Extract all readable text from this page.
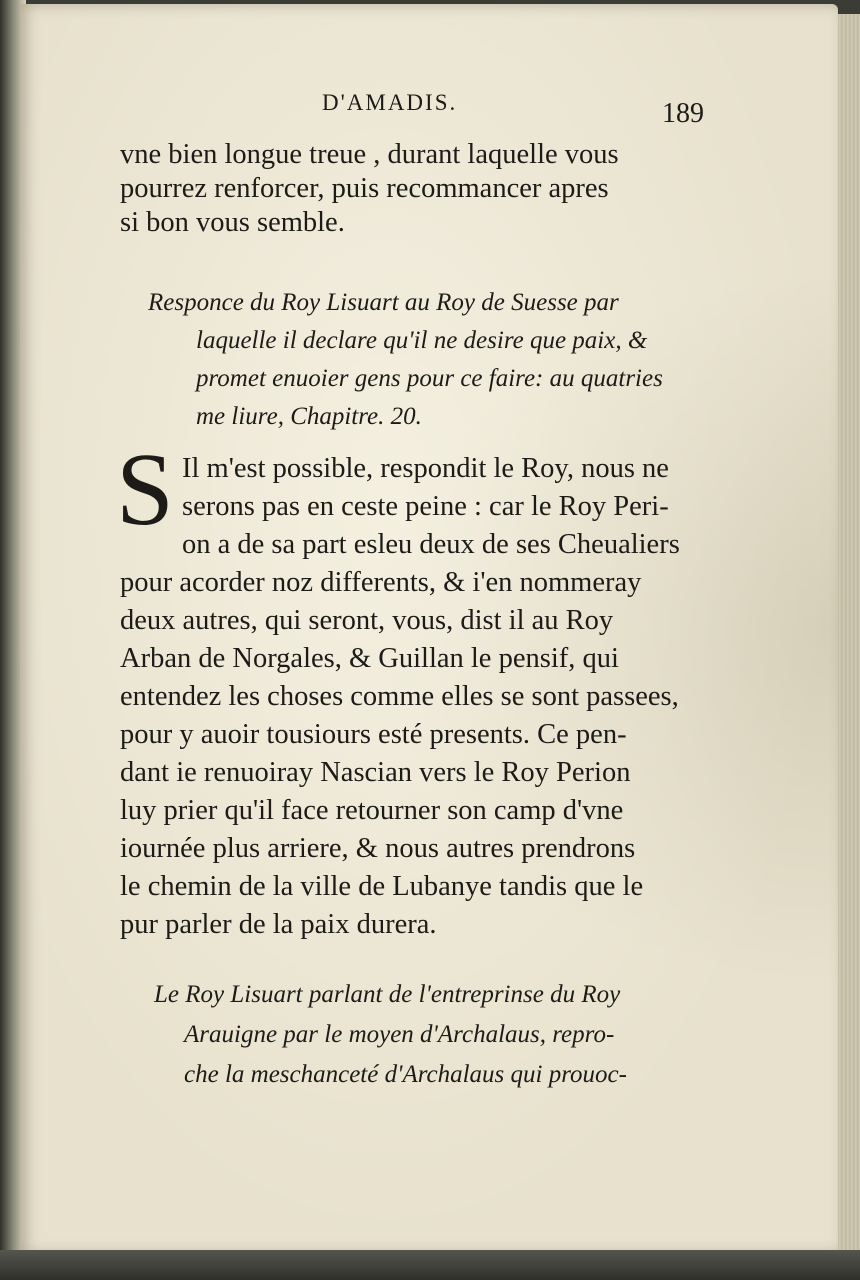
D'AMADIS.	189
vne bien longue treue , durant laquelle vous
pourrez renforcer, puis recommancer apres
si bon vous semble.
Responce du Roy Lisuart au Roy de Suesse par
laquelle il declare qu'il ne desire que paix, &
promet enuoier gens pour ce faire: au quatries
me liure, Chapitre. 20.
S Il m'est possible, respondit le Roy, nous ne
serons pas en ceste peine : car le Roy Peri-
on a de sa part esleu deux de ses Cheualiers
pour acorder noz differents, & i'en nommeray
deux autres, qui seront, vous, dist il au Roy
Arban de Norgales, & Guillan le pensif, qui
entendez les choses comme elles se sont passees,
pour y auoir tousiours esté presents. Ce pen-
dant ie renuoiray Nascian vers le Roy Perion
luy prier qu'il face retourner son camp d'vne
iournée plus arriere, & nous autres prendrons
le chemin de la ville de Lubanye tandis que le
pur parler de la paix durera.
Le Roy Lisuart parlant de l'entreprinse du Roy
Arauigne par le moyen d'Archalaus, repro-
che la meschanceté d'Archalaus qui prouoc-
